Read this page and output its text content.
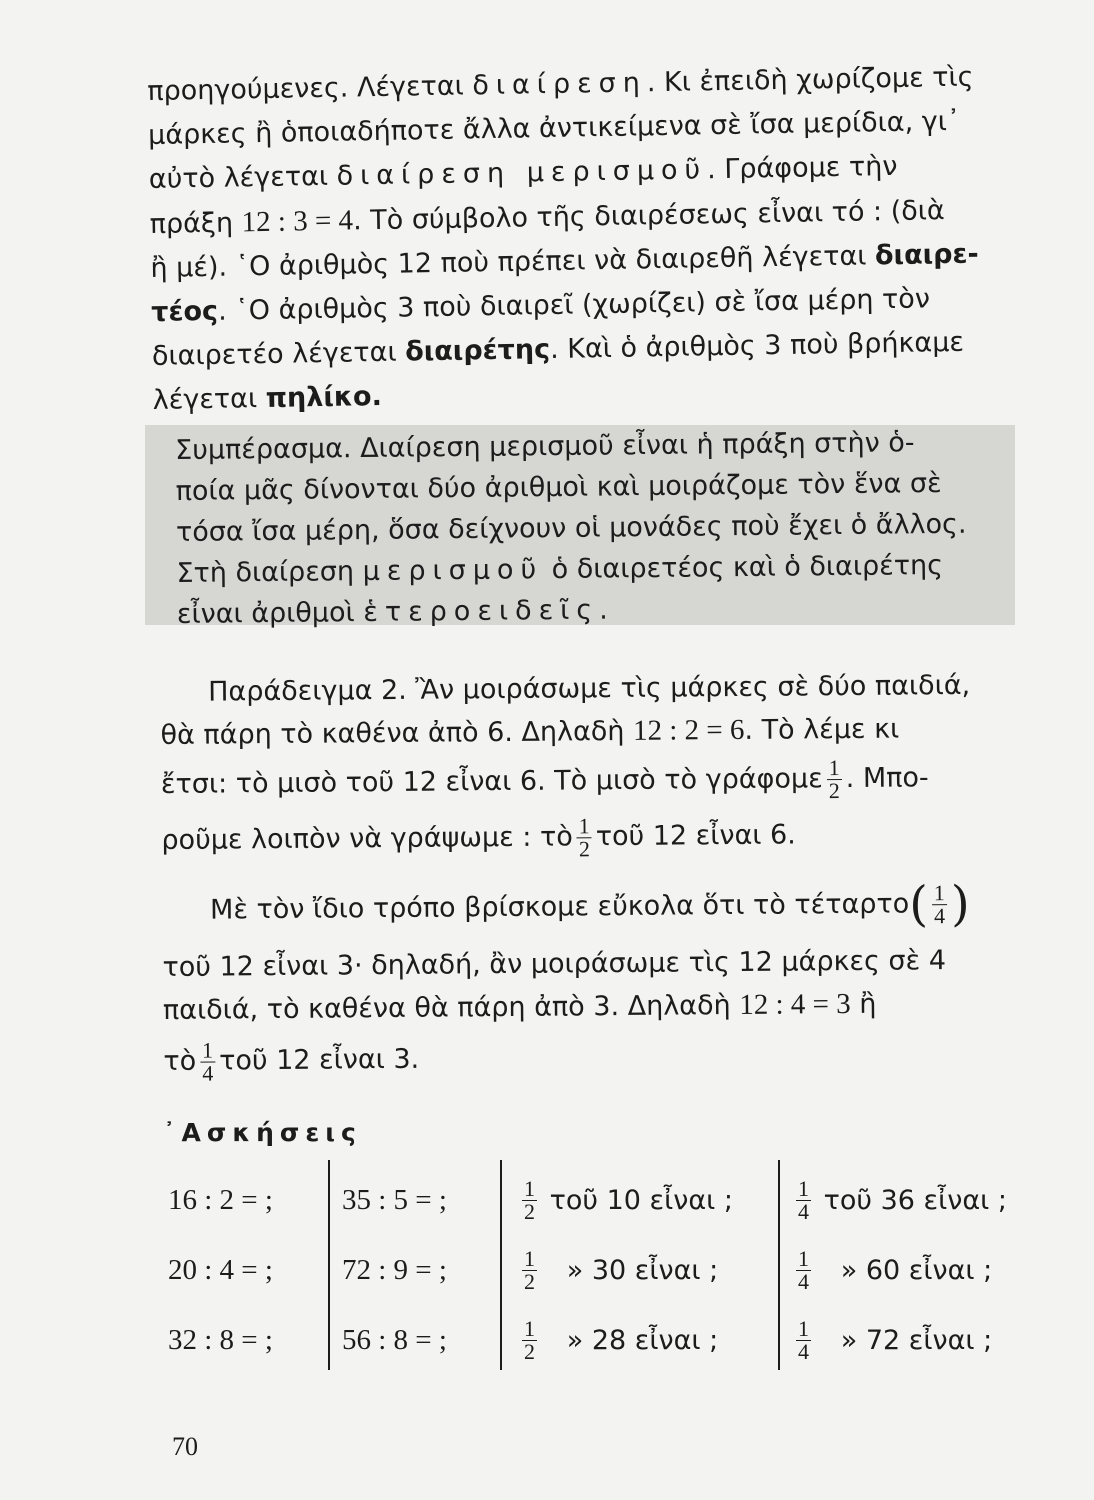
προηγούμενες. Λέγεται διαίρεση. Κι ἐπειδὴ χωρίζομε τὶς
μάρκες ἢ ὁποιαδήποτε ἄλλα ἀντικείμενα σὲ ἴσα μερίδια, γι᾽
αὐτὸ λέγεται διαίρεση μερισμοῦ. Γράφομε τὴν
πράξη 12 : 3 = 4. Τὸ σύμβολο τῆς διαιρέσεως εἶναι τό : (διὰ
ἢ μέ). ῾Ο ἀριθμὸς 12 ποὺ πρέπει νὰ διαιρεθῆ λέγεται διαιρε-
τέος. ῾Ο ἀριθμὸς 3 ποὺ διαιρεῖ (χωρίζει) σὲ ἴσα μέρη τὸν
διαιρετέο λέγεται διαιρέτης. Καὶ ὁ ἀριθμὸς 3 ποὺ βρήκαμε
λέγεται πηλίκο.
Συμπέρασμα. Διαίρεση μερισμοῦ εἶναι ἡ πράξη στὴν ὁ-
ποία μᾶς δίνονται δύο ἀριθμοὶ καὶ μοιράζομε τὸν ἕνα σὲ
τόσα ἴσα μέρη, ὅσα δείχνουν οἱ μονάδες ποὺ ἔχει ὁ ἄλλος.
Στὴ διαίρεση μερισμοῦ ὁ διαιρετέος καὶ ὁ διαιρέτης
εἶναι ἀριθμοὶ ἑτεροειδεῖς.
Παράδειγμα 2. Ἂν μοιράσωμε τὶς μάρκες σὲ δύο παιδιά,
θὰ πάρη τὸ καθένα ἀπὸ 6. Δηλαδὴ 12 : 2 = 6. Τὸ λέμε κι
ἔτσι: τὸ μισὸ τοῦ 12 εἶναι 6. Τὸ μισὸ τὸ γράφομε $\frac{1}{2}$ . Μπο-
ροῦμε λοιπὸν νὰ γράψωμε : τὸ $\frac{1}{2}$ τοῦ 12 εἶναι 6.
Μὲ τὸν ἴδιο τρόπο βρίσκομε εὔκολα ὅτι τὸ τέταρτο ( $\frac{1}{4}$ )
τοῦ 12 εἶναι 3· δηλαδή, ἂν μοιράσωμε τὶς 12 μάρκες σὲ 4
παιδιά, τὸ καθένα θὰ πάρη ἀπὸ 3. Δηλαδὴ 12 : 4 = 3 ἢ
τὸ $\frac{1}{4}$ τοῦ 12 εἶναι 3.
᾿Ασκήσεις
16 : 2 = ;
20 : 4 = ;
32 : 8 = ;
35 : 5 = ;
72 : 9 = ;
56 : 8 = ;
$\frac{1}{2}$
τοῦ 10 εἶναι ;
$\frac{1}{2}$
» 30 εἶναι ;
$\frac{1}{2}$
» 28 εἶναι ;
$\frac{1}{4}$
τοῦ 36 εἶναι ;
$\frac{1}{4}$
» 60 εἶναι ;
$\frac{1}{4}$
» 72 εἶναι ;
70
